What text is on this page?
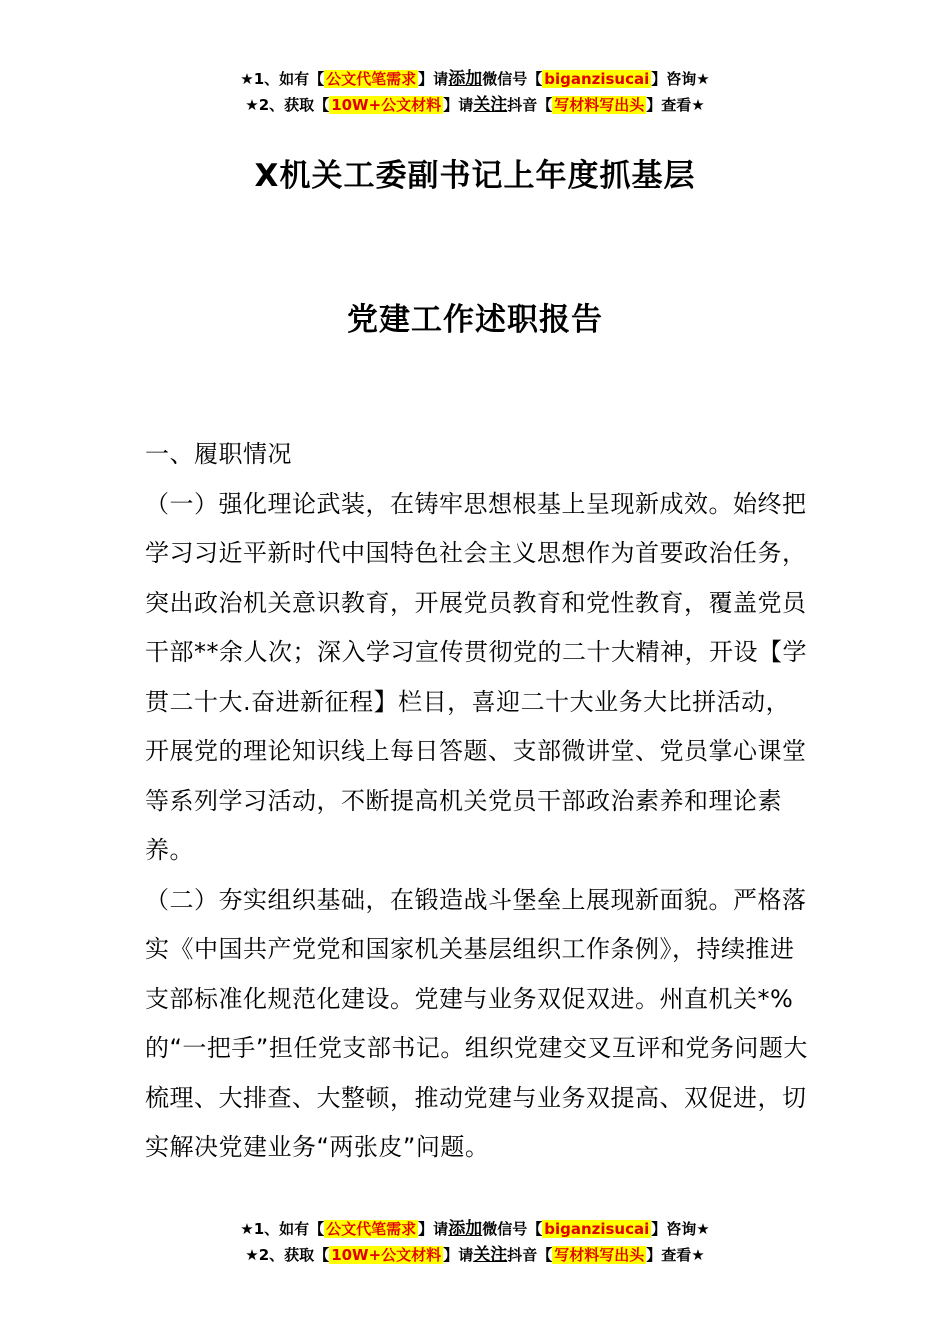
★1、如有【 公文代笔需求 】请添加微信号【 biganzisucai 】咨询★
★2、获取【 10W+公文材料 】请关注抖音【 写材料写出头 】查看★
X机关工委副书记上年度抓基层
党建工作述职报告

一、履职情况

（一）强化理论武装，在铸牢思想根基上呈现新成效。始终把学习习近平新时代中国特色社会主义思想作为首要政治任务，突出政治机关意识教育，开展党员教育和党性教育，覆盖党员干部**余人次；深入学习宣传贯彻党的二十大精神，开设【学贯二十大.奋进新征程】栏目，喜迎二十大业务大比拼活动，开展党的理论知识线上每日答题、支部微讲堂、党员掌心课堂等系列学习活动，不断提高机关党员干部政治素养和理论素养。

（二）夯实组织基础，在锻造战斗堡垒上展现新面貌。严格落实《中国共产党党和国家机关基层组织工作条例》，持续推进支部标准化规范化建设。党建与业务双促双进。州直机关*%的“一把手”担任党支部书记。组织党建交叉互评和党务问题大梳理、大排查、大整顿，推动党建与业务双提高、双促进，切实解决党建业务“两张皮”问题。

★1、如有【 公文代笔需求 】请添加微信号【 biganzisucai 】咨询★
★2、获取【 10W+公文材料 】请关注抖音【 写材料写出头 】查看★
